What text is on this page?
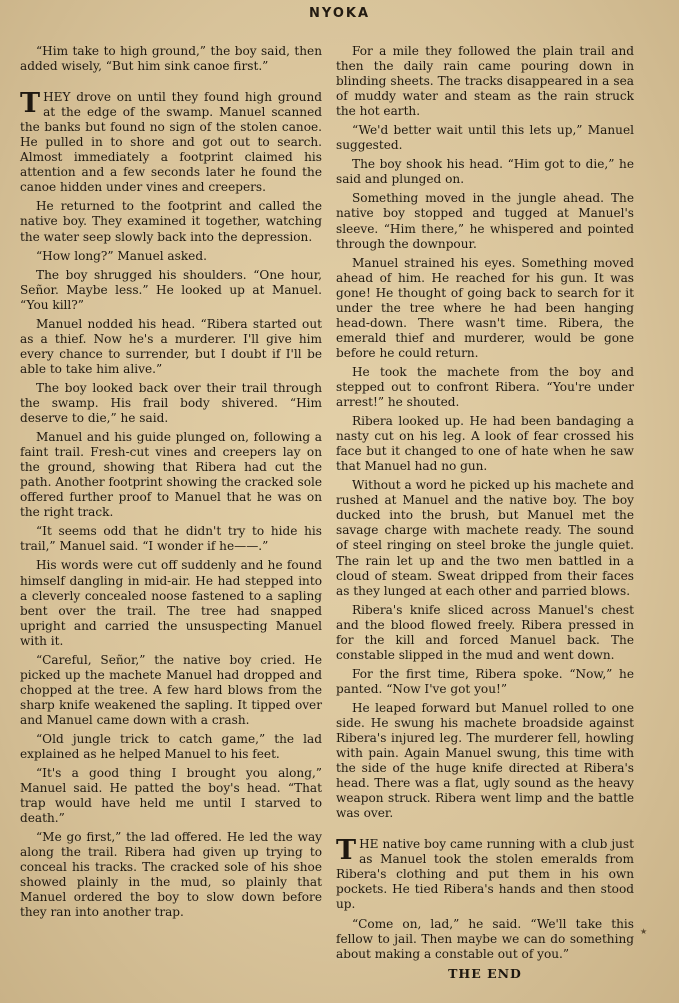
NYOKA

“Him take to high ground,” the boy said, then added wisely, “But him sink canoe first.”

THEY drove on until they found high ground at the edge of the swamp. Manuel scanned the banks but found no sign of the stolen canoe. He pulled in to shore and got out to search. Almost immediately a footprint claimed his attention and a few seconds later he found the canoe hidden under vines and creepers.

He returned to the footprint and called the native boy. They examined it together, watching the water seep slowly back into the depression.

“How long?” Manuel asked.

The boy shrugged his shoulders. “One hour, Señor. Maybe less.” He looked up at Manuel. “You kill?”

Manuel nodded his head. “Ribera started out as a thief. Now he's a murderer. I'll give him every chance to surrender, but I doubt if I'll be able to take him alive.”

The boy looked back over their trail through the swamp. His frail body shivered. “Him deserve to die,” he said.

Manuel and his guide plunged on, following a faint trail. Fresh-cut vines and creepers lay on the ground, showing that Ribera had cut the path. Another footprint showing the cracked sole offered further proof to Manuel that he was on the right track.

“It seems odd that he didn't try to hide his trail,” Manuel said. “I wonder if he——.”

His words were cut off suddenly and he found himself dangling in mid-air. He had stepped into a cleverly concealed noose fastened to a sapling bent over the trail. The tree had snapped upright and carried the unsuspecting Manuel with it.

“Careful, Señor,” the native boy cried. He picked up the machete Manuel had dropped and chopped at the tree. A few hard blows from the sharp knife weakened the sapling. It tipped over and Manuel came down with a crash.

“Old jungle trick to catch game,” the lad explained as he helped Manuel to his feet.

“It's a good thing I brought you along,” Manuel said. He patted the boy's head. “That trap would have held me until I starved to death.”

“Me go first,” the lad offered. He led the way along the trail. Ribera had given up trying to conceal his tracks. The cracked sole of his shoe showed plainly in the mud, so plainly that Manuel ordered the boy to slow down before they ran into another trap.

For a mile they followed the plain trail and then the daily rain came pouring down in blinding sheets. The tracks disappeared in a sea of muddy water and steam as the rain struck the hot earth.

“We'd better wait until this lets up,” Manuel suggested.

The boy shook his head. “Him got to die,” he said and plunged on.

Something moved in the jungle ahead. The native boy stopped and tugged at Manuel's sleeve. “Him there,” he whispered and pointed through the downpour.

Manuel strained his eyes. Something moved ahead of him. He reached for his gun. It was gone! He thought of going back to search for it under the tree where he had been hanging head-down. There wasn't time. Ribera, the emerald thief and murderer, would be gone before he could return.

He took the machete from the boy and stepped out to confront Ribera. “You're under arrest!” he shouted.

Ribera looked up. He had been bandaging a nasty cut on his leg. A look of fear crossed his face but it changed to one of hate when he saw that Manuel had no gun.

Without a word he picked up his machete and rushed at Manuel and the native boy. The boy ducked into the brush, but Manuel met the savage charge with machete ready. The sound of steel ringing on steel broke the jungle quiet. The rain let up and the two men battled in a cloud of steam. Sweat dripped from their faces as they lunged at each other and parried blows.

Ribera's knife sliced across Manuel's chest and the blood flowed freely. Ribera pressed in for the kill and forced Manuel back. The constable slipped in the mud and went down.

For the first time, Ribera spoke. “Now,” he panted. “Now I've got you!”

He leaped forward but Manuel rolled to one side. He swung his machete broadside against Ribera's injured leg. The murderer fell, howling with pain. Again Manuel swung, this time with the side of the huge knife directed at Ribera's head. There was a flat, ugly sound as the heavy weapon struck. Ribera went limp and the battle was over.

THE native boy came running with a club just as Manuel took the stolen emeralds from Ribera's clothing and put them in his own pockets. He tied Ribera's hands and then stood up.

“Come on, lad,” he said. “We'll take this fellow to jail. Then maybe we can do something about making a constable out of you.”

THE END
★
